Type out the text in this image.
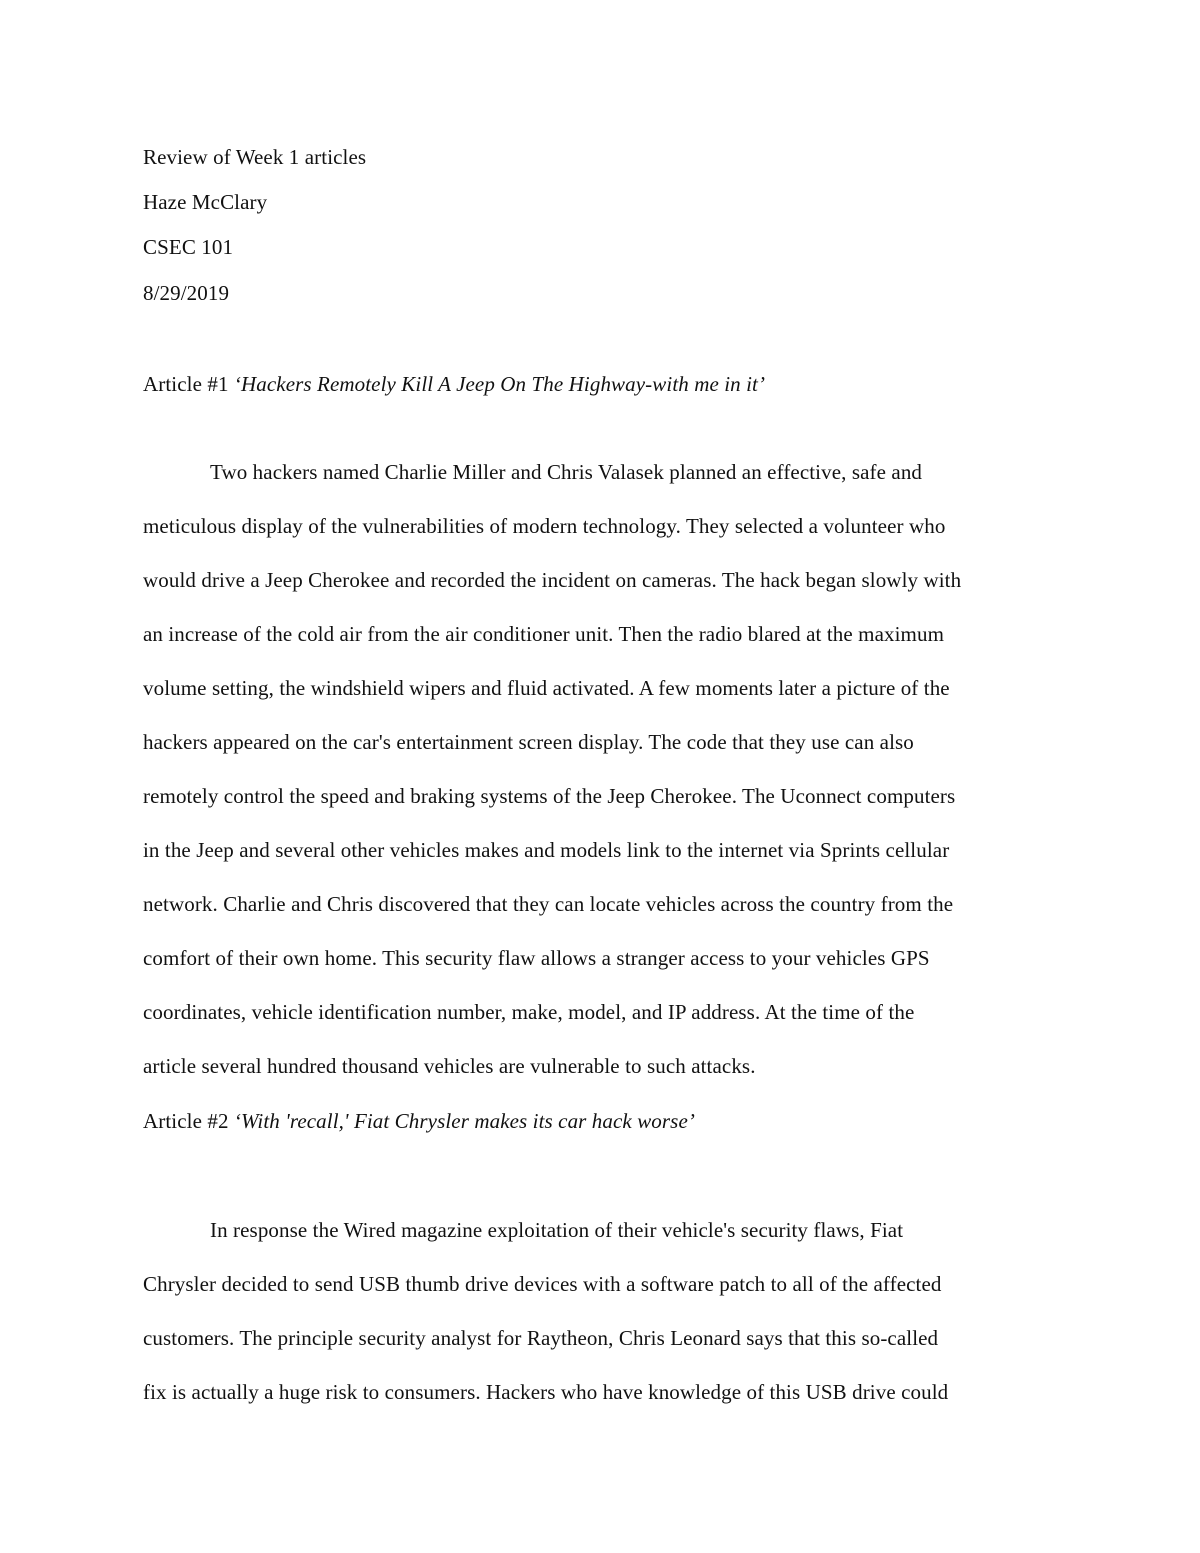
Review of Week 1 articles
Haze McClary
CSEC 101
8/29/2019
Article #1 ‘Hackers Remotely Kill A Jeep On The Highway-with me in it’
Two hackers named Charlie Miller and Chris Valasek planned an effective, safe and
meticulous display of the vulnerabilities of modern technology. They selected a volunteer who
would drive a Jeep Cherokee and recorded the incident on cameras. The hack began slowly with
an increase of the cold air from the air conditioner unit. Then the radio blared at the maximum
volume setting, the windshield wipers and fluid activated. A few moments later a picture of the
hackers appeared on the car's entertainment screen display. The code that they use can also
remotely control the speed and braking systems of the Jeep Cherokee. The Uconnect computers
in the Jeep and several other vehicles makes and models link to the internet via Sprints cellular
network. Charlie and Chris discovered that they can locate vehicles across the country from the
comfort of their own home. This security flaw allows a stranger access to your vehicles GPS
coordinates, vehicle identification number, make, model, and IP address. At the time of the
article several hundred thousand vehicles are vulnerable to such attacks.
Article #2 ‘With 'recall,' Fiat Chrysler makes its car hack worse’
In response the Wired magazine exploitation of their vehicle's security flaws, Fiat
Chrysler decided to send USB thumb drive devices with a software patch to all of the affected
customers. The principle security analyst for Raytheon, Chris Leonard says that this so-called
fix is actually a huge risk to consumers. Hackers who have knowledge of this USB drive could
